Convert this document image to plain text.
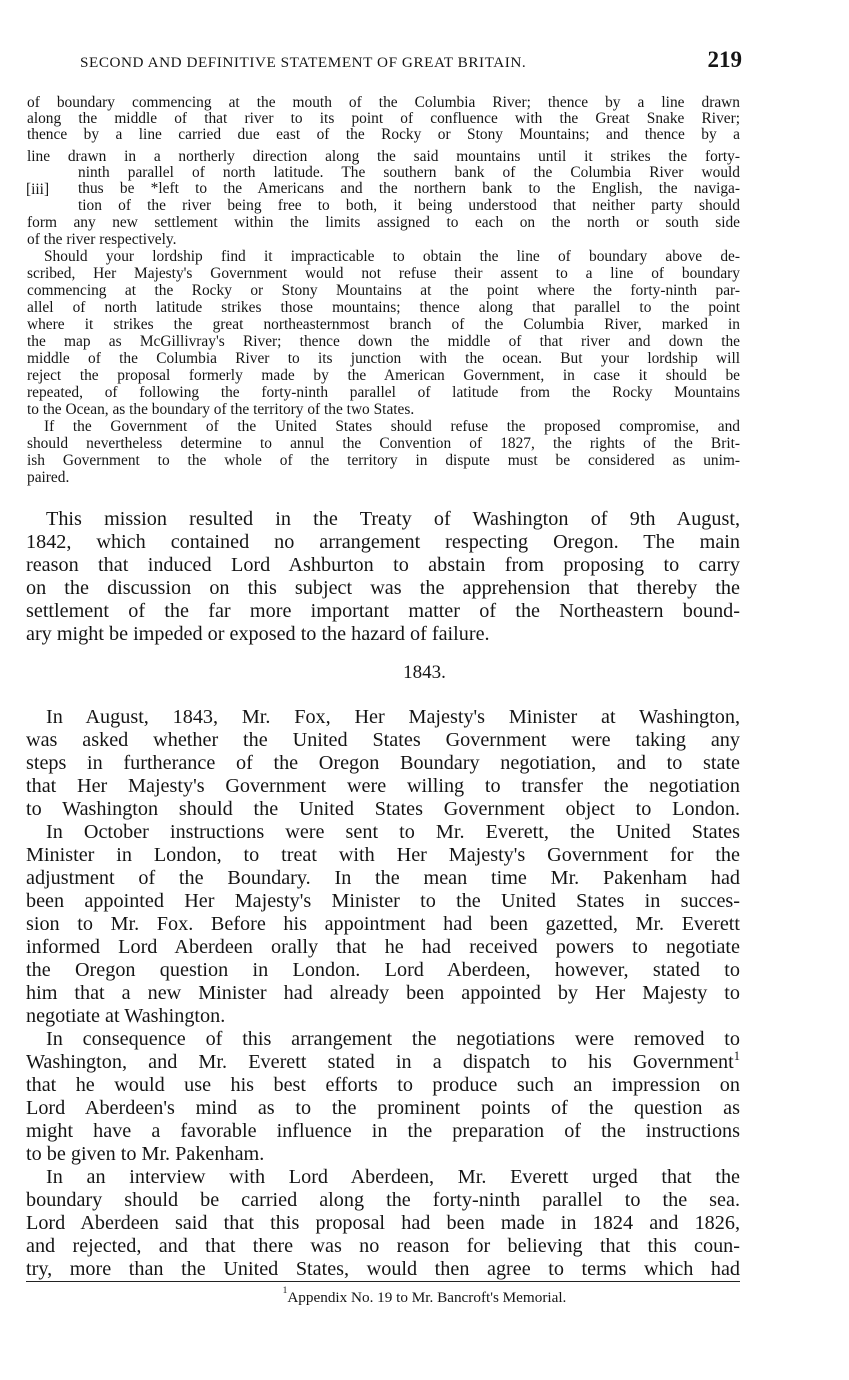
SECOND AND DEFINITIVE STATEMENT OF GREAT BRITAIN.	219
[iii]
of boundary commencing at the mouth of the Columbia River; thence by a line drawn
along the middle of that river to its point of confluence with the Great Snake River;
thence by a line carried due east of the Rocky or Stony Mountains; and thence by a
line drawn in a northerly direction along the said mountains until it strikes the forty-
ninth parallel of north latitude. The southern bank of the Columbia River would
thus be *left to the Americans and the northern bank to the English, the naviga-
tion of the river being free to both, it being understood that neither party should
form any new settlement within the limits assigned to each on the north or south side
of the river respectively.
Should your lordship find it impracticable to obtain the line of boundary above de-
scribed, Her Majesty's Government would not refuse their assent to a line of boundary
commencing at the Rocky or Stony Mountains at the point where the forty-ninth par-
allel of north latitude strikes those mountains; thence along that parallel to the point
where it strikes the great northeasternmost branch of the Columbia River, marked in
the map as McGillivray's River; thence down the middle of that river and down the
middle of the Columbia River to its junction with the ocean. But your lordship will
reject the proposal formerly made by the American Government, in case it should be
repeated, of following the forty-ninth parallel of latitude from the Rocky Mountains
to the Ocean, as the boundary of the territory of the two States.
If the Government of the United States should refuse the proposed compromise, and
should nevertheless determine to annul the Convention of 1827, the rights of the Brit-
ish Government to the whole of the territory in dispute must be considered as unim-
paired.
This mission resulted in the Treaty of Washington of 9th August,
1842, which contained no arrangement respecting Oregon. The main
reason that induced Lord Ashburton to abstain from proposing to carry
on the discussion on this subject was the apprehension that thereby the
settlement of the far more important matter of the Northeastern bound-
ary might be impeded or exposed to the hazard of failure.
1843.
In August, 1843, Mr. Fox, Her Majesty's Minister at Washington,
was asked whether the United States Government were taking any
steps in furtherance of the Oregon Boundary negotiation, and to state
that Her Majesty's Government were willing to transfer the negotiation
to Washington should the United States Government object to London.
In October instructions were sent to Mr. Everett, the United States
Minister in London, to treat with Her Majesty's Government for the
adjustment of the Boundary. In the mean time Mr. Pakenham had
been appointed Her Majesty's Minister to the United States in succes-
sion to Mr. Fox. Before his appointment had been gazetted, Mr. Everett
informed Lord Aberdeen orally that he had received powers to negotiate
the Oregon question in London. Lord Aberdeen, however, stated to
him that a new Minister had already been appointed by Her Majesty to
negotiate at Washington.
In consequence of this arrangement the negotiations were removed to
Washington, and Mr. Everett stated in a dispatch to his Government$^1$
that he would use his best efforts to produce such an impression on
Lord Aberdeen's mind as to the prominent points of the question as
might have a favorable influence in the preparation of the instructions
to be given to Mr. Pakenham.
In an interview with Lord Aberdeen, Mr. Everett urged that the
boundary should be carried along the forty-ninth parallel to the sea.
Lord Aberdeen said that this proposal had been made in 1824 and 1826,
and rejected, and that there was no reason for believing that this coun-
try, more than the United States, would then agree to terms which had
$^1$Appendix No. 19 to Mr. Bancroft's Memorial.
